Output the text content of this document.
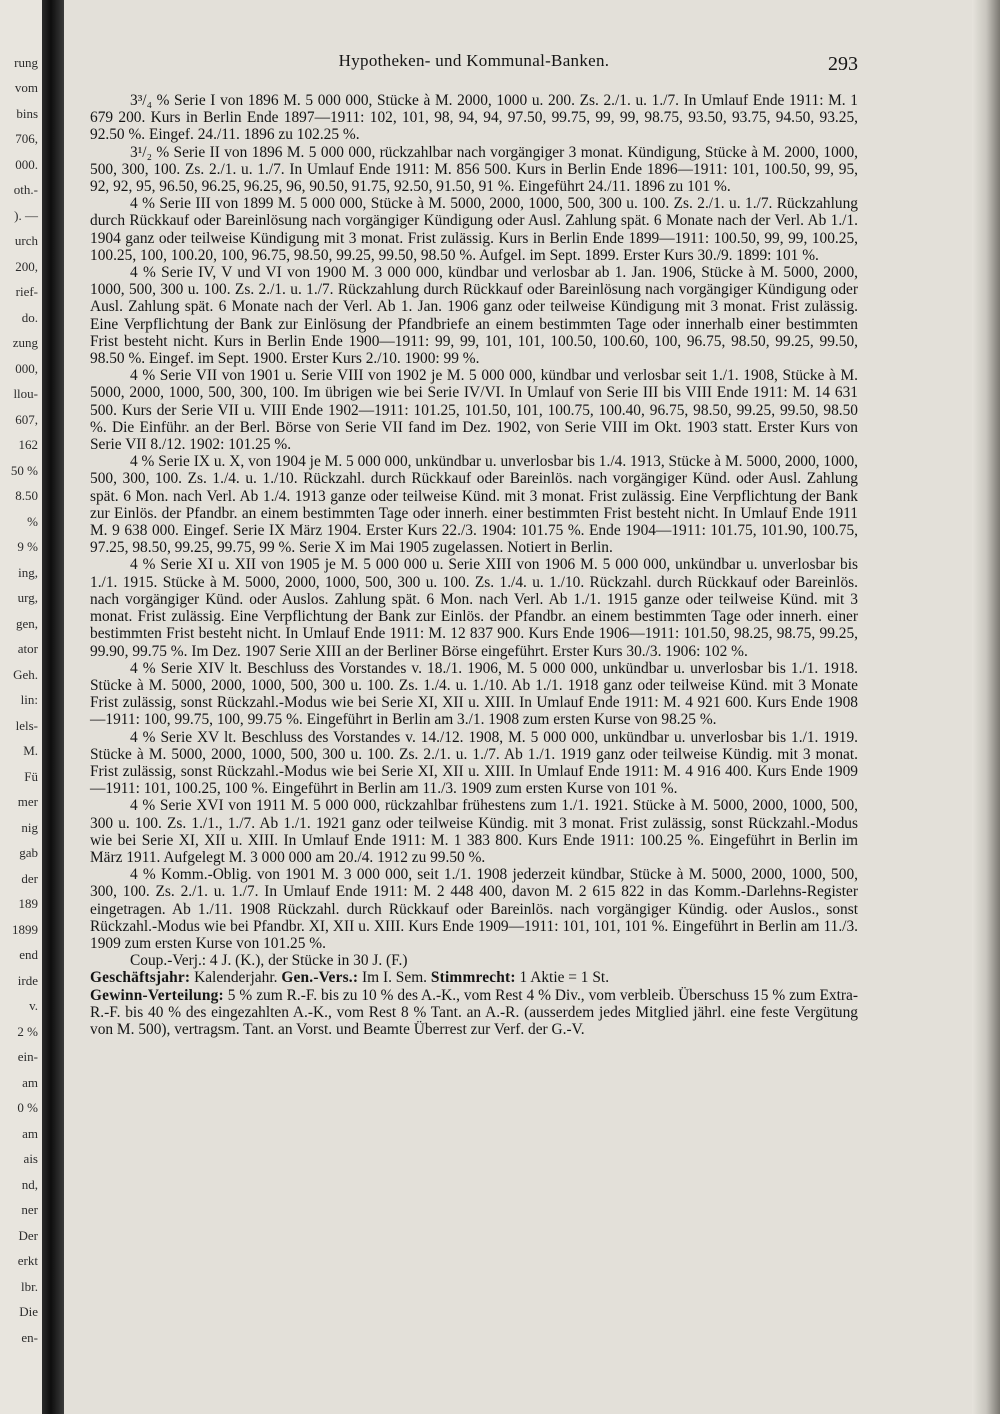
rung
vom
bins
706,
000.
oth.-
). —
urch
200,
rief-
do.
zung
000,
llou-
607,
162
50 %
8.50
%
9 %
ing,
urg,
gen,
ator
Geh.
lin:
lels-
M.
Fü
mer
nig
gab
der
189
1899
end
irde
v.
2 %
ein-
am
0 %
am
ais
nd,
ner
Der
erkt
lbr.
Die
en-
Hypotheken- und Kommunal-Banken.	293

3³/₄ % Serie I von 1896 M. 5 000 000, Stücke à M. 2000, 1000 u. 200. Zs. 2./1. u. 1./7. In Umlauf Ende 1911: M. 1 679 200. Kurs in Berlin Ende 1897—1911: 102, 101, 98, 94, 94, 97.50, 99.75, 99, 99, 98.75, 93.50, 93.75, 94.50, 93.25, 92.50 %. Eingef. 24./11. 1896 zu 102.25 %.

3¹/₂ % Serie II von 1896 M. 5 000 000, rückzahlbar nach vorgängiger 3 monat. Kündigung, Stücke à M. 2000, 1000, 500, 300, 100. Zs. 2./1. u. 1./7. In Umlauf Ende 1911: M. 856 500. Kurs in Berlin Ende 1896—1911: 101, 100.50, 99, 95, 92, 92, 95, 96.50, 96.25, 96.25, 96, 90.50, 91.75, 92.50, 91.50, 91 %. Eingeführt 24./11. 1896 zu 101 %.

4 % Serie III von 1899 M. 5 000 000, Stücke à M. 5000, 2000, 1000, 500, 300 u. 100. Zs. 2./1. u. 1./7. Rückzahlung durch Rückkauf oder Bareinlösung nach vorgängiger Kündigung oder Ausl. Zahlung spät. 6 Monate nach der Verl. Ab 1./1. 1904 ganz oder teilweise Kündigung mit 3 monat. Frist zulässig. Kurs in Berlin Ende 1899—1911: 100.50, 99, 99, 100.25, 100.25, 100, 100.20, 100, 96.75, 98.50, 99.25, 99.50, 98.50 %. Aufgel. im Sept. 1899. Erster Kurs 30./9. 1899: 101 %.

4 % Serie IV, V und VI von 1900 M. 3 000 000, kündbar und verlosbar ab 1. Jan. 1906, Stücke à M. 5000, 2000, 1000, 500, 300 u. 100. Zs. 2./1. u. 1./7. Rückzahlung durch Rückkauf oder Bareinlösung nach vorgängiger Kündigung oder Ausl. Zahlung spät. 6 Monate nach der Verl. Ab 1. Jan. 1906 ganz oder teilweise Kündigung mit 3 monat. Frist zulässig. Eine Verpflichtung der Bank zur Einlösung der Pfandbriefe an einem bestimmten Tage oder innerhalb einer bestimmten Frist besteht nicht. Kurs in Berlin Ende 1900—1911: 99, 99, 101, 101, 100.50, 100.60, 100, 96.75, 98.50, 99.25, 99.50, 98.50 %. Eingef. im Sept. 1900. Erster Kurs 2./10. 1900: 99 %.

4 % Serie VII von 1901 u. Serie VIII von 1902 je M. 5 000 000, kündbar und verlosbar seit 1./1. 1908, Stücke à M. 5000, 2000, 1000, 500, 300, 100. Im übrigen wie bei Serie IV/VI. In Umlauf von Serie III bis VIII Ende 1911: M. 14 631 500. Kurs der Serie VII u. VIII Ende 1902—1911: 101.25, 101.50, 101, 100.75, 100.40, 96.75, 98.50, 99.25, 99.50, 98.50 %. Die Einführ. an der Berl. Börse von Serie VII fand im Dez. 1902, von Serie VIII im Okt. 1903 statt. Erster Kurs von Serie VII 8./12. 1902: 101.25 %.

4 % Serie IX u. X, von 1904 je M. 5 000 000, unkündbar u. unverlosbar bis 1./4. 1913, Stücke à M. 5000, 2000, 1000, 500, 300, 100. Zs. 1./4. u. 1./10. Rückzahl. durch Rückkauf oder Bareinlös. nach vorgängiger Künd. oder Ausl. Zahlung spät. 6 Mon. nach Verl. Ab 1./4. 1913 ganze oder teilweise Künd. mit 3 monat. Frist zulässig. Eine Verpflichtung der Bank zur Einlös. der Pfandbr. an einem bestimmten Tage oder innerh. einer bestimmten Frist besteht nicht. In Umlauf Ende 1911 M. 9 638 000. Eingef. Serie IX März 1904. Erster Kurs 22./3. 1904: 101.75 %. Ende 1904—1911: 101.75, 101.90, 100.75, 97.25, 98.50, 99.25, 99.75, 99 %. Serie X im Mai 1905 zugelassen. Notiert in Berlin.

4 % Serie XI u. XII von 1905 je M. 5 000 000 u. Serie XIII von 1906 M. 5 000 000, unkündbar u. unverlosbar bis 1./1. 1915. Stücke à M. 5000, 2000, 1000, 500, 300 u. 100. Zs. 1./4. u. 1./10. Rückzahl. durch Rückkauf oder Bareinlös. nach vorgängiger Künd. oder Auslos. Zahlung spät. 6 Mon. nach Verl. Ab 1./1. 1915 ganze oder teilweise Künd. mit 3 monat. Frist zulässig. Eine Verpflichtung der Bank zur Einlös. der Pfandbr. an einem bestimmten Tage oder innerh. einer bestimmten Frist besteht nicht. In Umlauf Ende 1911: M. 12 837 900. Kurs Ende 1906—1911: 101.50, 98.25, 98.75, 99.25, 99.90, 99.75 %. Im Dez. 1907 Serie XIII an der Berliner Börse eingeführt. Erster Kurs 30./3. 1906: 102 %.

4 % Serie XIV lt. Beschluss des Vorstandes v. 18./1. 1906, M. 5 000 000, unkündbar u. unverlosbar bis 1./1. 1918. Stücke à M. 5000, 2000, 1000, 500, 300 u. 100. Zs. 1./4. u. 1./10. Ab 1./1. 1918 ganz oder teilweise Künd. mit 3 Monate Frist zulässig, sonst Rückzahl.-Modus wie bei Serie XI, XII u. XIII. In Umlauf Ende 1911: M. 4 921 600. Kurs Ende 1908—1911: 100, 99.75, 100, 99.75 %. Eingeführt in Berlin am 3./1. 1908 zum ersten Kurse von 98.25 %.

4 % Serie XV lt. Beschluss des Vorstandes v. 14./12. 1908, M. 5 000 000, unkündbar u. unverlosbar bis 1./1. 1919. Stücke à M. 5000, 2000, 1000, 500, 300 u. 100. Zs. 2./1. u. 1./7. Ab 1./1. 1919 ganz oder teilweise Kündig. mit 3 monat. Frist zulässig, sonst Rückzahl.-Modus wie bei Serie XI, XII u. XIII. In Umlauf Ende 1911: M. 4 916 400. Kurs Ende 1909—1911: 101, 100.25, 100 %. Eingeführt in Berlin am 11./3. 1909 zum ersten Kurse von 101 %.

4 % Serie XVI von 1911 M. 5 000 000, rückzahlbar frühestens zum 1./1. 1921. Stücke à M. 5000, 2000, 1000, 500, 300 u. 100. Zs. 1./1., 1./7. Ab 1./1. 1921 ganz oder teilweise Kündig. mit 3 monat. Frist zulässig, sonst Rückzahl.-Modus wie bei Serie XI, XII u. XIII. In Umlauf Ende 1911: M. 1 383 800. Kurs Ende 1911: 100.25 %. Eingeführt in Berlin im März 1911. Aufgelegt M. 3 000 000 am 20./4. 1912 zu 99.50 %.

4 % Komm.-Oblig. von 1901 M. 3 000 000, seit 1./1. 1908 jederzeit kündbar, Stücke à M. 5000, 2000, 1000, 500, 300, 100. Zs. 2./1. u. 1./7. In Umlauf Ende 1911: M. 2 448 400, davon M. 2 615 822 in das Komm.-Darlehns-Register eingetragen. Ab 1./11. 1908 Rückzahl. durch Rückkauf oder Bareinlös. nach vorgängiger Kündig. oder Auslos., sonst Rückzahl.-Modus wie bei Pfandbr. XI, XII u. XIII. Kurs Ende 1909—1911: 101, 101, 101 %. Eingeführt in Berlin am 11./3. 1909 zum ersten Kurse von 101.25 %.

Coup.-Verj.: 4 J. (K.), der Stücke in 30 J. (F.)

Geschäftsjahr: Kalenderjahr. Gen.-Vers.: Im I. Sem. Stimmrecht: 1 Aktie = 1 St.

Gewinn-Verteilung: 5 % zum R.-F. bis zu 10 % des A.-K., vom Rest 4 % Div., vom verbleib. Überschuss 15 % zum Extra-R.-F. bis 40 % des eingezahlten A.-K., vom Rest 8 % Tant. an A.-R. (ausserdem jedes Mitglied jährl. eine feste Vergütung von M. 500), vertragsm. Tant. an Vorst. und Beamte Überrest zur Verf. der G.-V.
